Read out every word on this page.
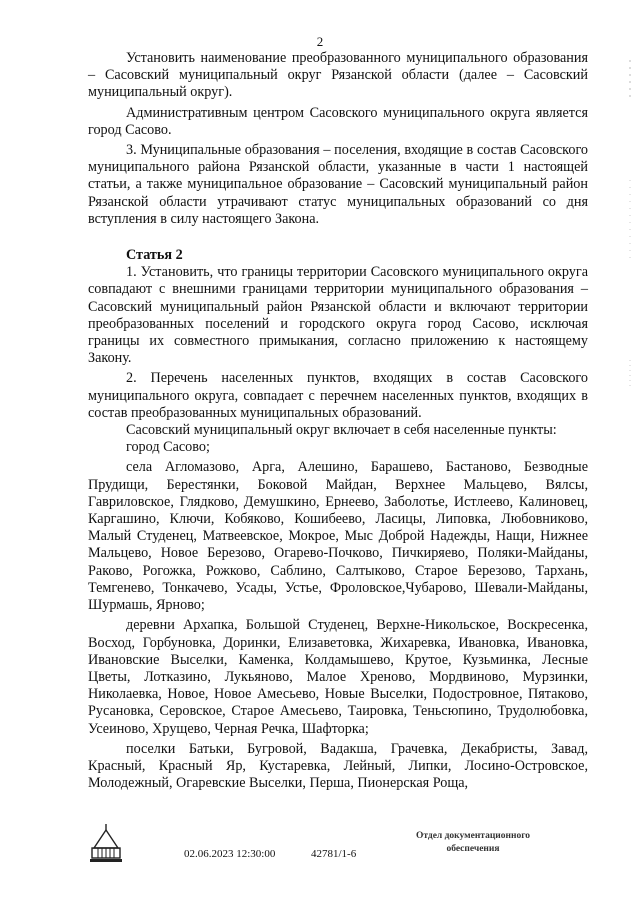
2

Установить наименование преобразованного муниципального образования – Сасовский муниципальный округ Рязанской области (далее – Сасовский муниципальный округ).

Административным центром Сасовского муниципального округа является город Сасово.

3. Муниципальные образования – поселения, входящие в состав Сасовского муниципального района Рязанской области, указанные в части 1 настоящей статьи, а также муниципальное образование – Сасовский муниципальный район Рязанской области утрачивают статус муниципальных образований со дня вступления в силу настоящего Закона.

Статья 2

1. Установить, что границы территории Сасовского муниципального округа совпадают с внешними границами территории муниципального образования – Сасовский муниципальный район Рязанской области и включают территории преобразованных поселений и городского округа город Сасово, исключая границы их совместного примыкания, согласно приложению к настоящему Закону.

2. Перечень населенных пунктов, входящих в состав Сасовского муниципального округа, совпадает с перечнем населенных пунктов, входящих в состав преобразованных муниципальных образований.

Сасовский муниципальный округ включает в себя населенные пункты:

город Сасово;

села Агломазово, Арга, Алешино, Барашево, Бастаново, Безводные Прудищи, Берестянки, Боковой Майдан, Верхнее Мальцево, Вялсы, Гавриловское, Глядково, Демушкино, Ернеево, Заболотье, Истлеево, Калиновец, Каргашино, Ключи, Кобяково, Кошибеево, Ласицы, Липовка, Любовниково, Малый Студенец, Матвеевское, Мокрое, Мыс Доброй Надежды, Нащи, Нижнее Мальцево, Новое Березово, Огарево-Почково, Пичкиряево, Поляки-Майданы, Раково, Рогожка, Рожково, Саблино, Салтыково, Старое Березово, Тархань, Темгенево, Тонкачево, Усады, Устье, Фроловское,Чубарово, Шевали-Майданы, Шурмашь, Ярново;

деревни Архапка, Большой Студенец, Верхне-Никольское, Воскресенка, Восход, Горбуновка, Доринки, Елизаветовка, Жихаревка, Ивановка, Ивановка, Ивановские Выселки, Каменка, Колдамышево, Крутое, Кузьминка, Лесные Цветы, Лотказино, Лукьяново, Малое Хреново, Мордвиново, Мурзинки, Николаевка, Новое, Новое Амесьево, Новые Выселки, Подостровное, Пятаково, Русановка, Серовское, Старое Амесьево, Таировка, Теньсюпино, Трудолюбовка, Усеиново, Хрущево, Черная Речка, Шафторка;

поселки Батьки, Бугровой, Вадакша, Грачевка, Декабристы, Завад, Красный, Красный Яр, Кустаревка, Лейный, Липки, Лосино-Островское, Молодежный, Огаревские Выселки, Перша, Пионерская Роща,

02.06.2023 12:30:00	42781/1-6
Отдел документационного
обеспечения
